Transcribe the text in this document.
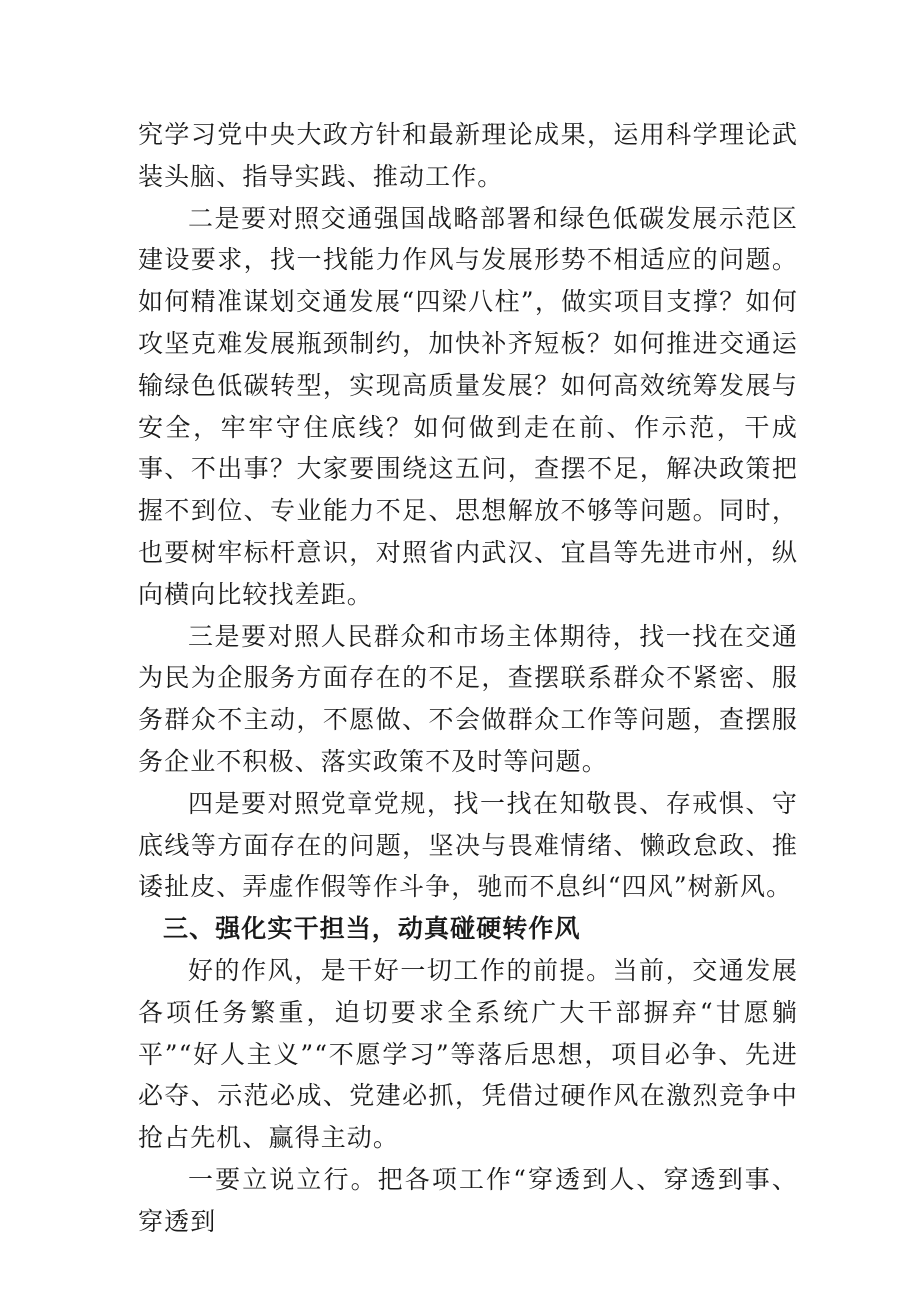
究学习党中央大政方针和最新理论成果，运用科学理论武装头脑、指导实践、推动工作。

二是要对照交通强国战略部署和绿色低碳发展示范区建设要求，找一找能力作风与发展形势不相适应的问题。如何精准谋划交通发展“四梁八柱”，做实项目支撑？如何攻坚克难发展瓶颈制约，加快补齐短板？如何推进交通运输绿色低碳转型，实现高质量发展？如何高效统筹发展与安全，牢牢守住底线？如何做到走在前、作示范，干成事、不出事？大家要围绕这五问，查摆不足，解决政策把握不到位、专业能力不足、思想解放不够等问题。同时，也要树牢标杆意识，对照省内武汉、宜昌等先进市州，纵向横向比较找差距。

三是要对照人民群众和市场主体期待，找一找在交通为民为企服务方面存在的不足，查摆联系群众不紧密、服务群众不主动，不愿做、不会做群众工作等问题，查摆服务企业不积极、落实政策不及时等问题。

四是要对照党章党规，找一找在知敬畏、存戒惧、守底线等方面存在的问题，坚决与畏难情绪、懒政怠政、推诿扯皮、弄虚作假等作斗争，驰而不息纠“四风”树新风。

三、强化实干担当，动真碰硬转作风

好的作风，是干好一切工作的前提。当前，交通发展各项任务繁重，迫切要求全系统广大干部摒弃“甘愿躺平”“好人主义”“不愿学习”等落后思想，项目必争、先进必夺、示范必成、党建必抓，凭借过硬作风在激烈竞争中抢占先机、赢得主动。

一要立说立行。把各项工作“穿透到人、穿透到事、穿透到
